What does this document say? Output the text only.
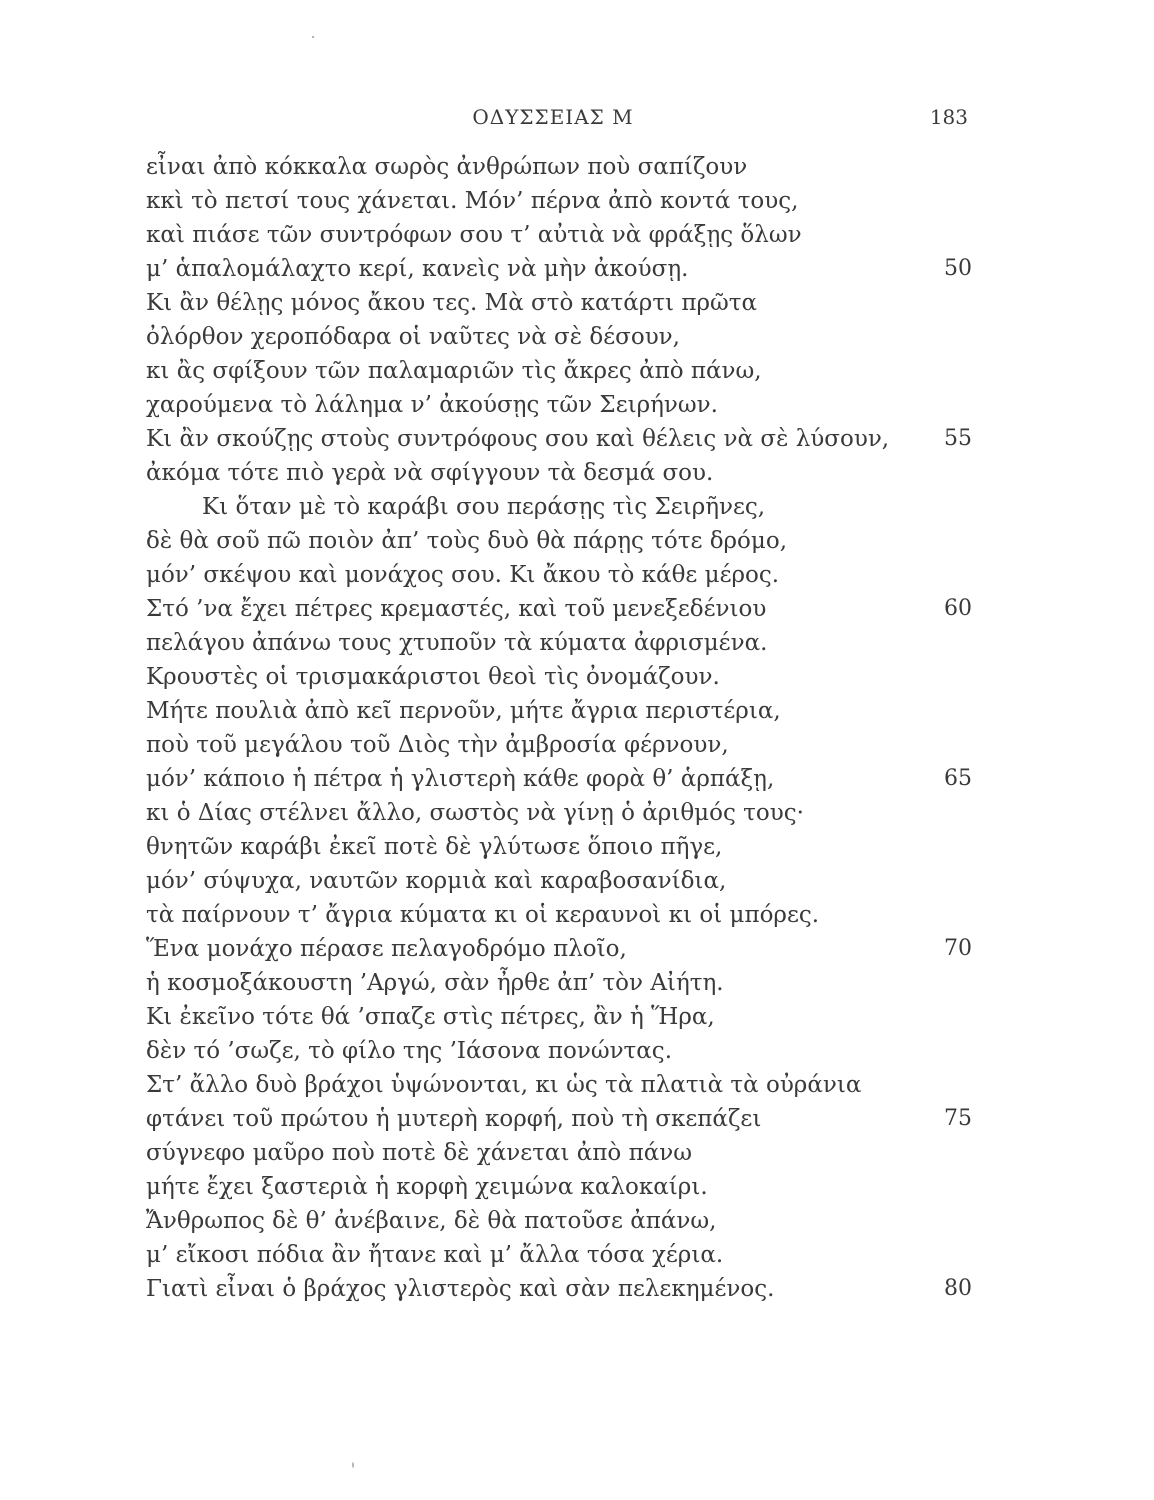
ΟΔΥΣΣΕΙΑΣ Μ	183
εἶναι ἀπὸ κόκκαλα σωρὸς ἀνθρώπων ποὺ σαπίζουν
κκὶ τὸ πετσί τους χάνεται. Μόν’ πέρνα ἀπὸ κοντά τους,
καὶ πιάσε τῶν συντρόφων σου τ’ αὐτιὰ νὰ φράξῃς ὅλων
μ’ ἁπαλομάλαχτο κερί, κανεὶς νὰ μὴν ἀκούσῃ.	50
Κι ἂν θέλῃς μόνος ἄκου τες. Μὰ στὸ κατάρτι πρῶτα
ὀλόρθον χεροπόδαρα οἱ ναῦτες νὰ σὲ δέσουν,
κι ἂς σφίξουν τῶν παλαμαριῶν τὶς ἄκρες ἀπὸ πάνω,
χαρούμενα τὸ λάλημα ν’ ἀκούσῃς τῶν Σειρήνων.
Κι ἂν σκούζῃς στοὺς συντρόφους σου καὶ θέλεις νὰ σὲ λύσουν, 55
ἀκόμα τότε πιὸ γερὰ νὰ σφίγγουν τὰ δεσμά σου.
Κι ὅταν μὲ τὸ καράβι σου περάσῃς τὶς Σειρῆνες,
δὲ θὰ σοῦ πῶ ποιὸν ἀπ’ τοὺς δυὸ θὰ πάρῃς τότε δρόμο,
μόν’ σκέψου καὶ μονάχος σου. Κι ἄκου τὸ κάθε μέρος.
Στό ’να ἔχει πέτρες κρεμαστές, καὶ τοῦ μενεξεδένιου	60
πελάγου ἀπάνω τους χτυποῦν τὰ κύματα ἀφρισμένα.
Κρουστὲς οἱ τρισμακάριστοι θεοὶ τὶς ὀνομάζουν.
Μήτε πουλιὰ ἀπὸ κεῖ περνοῦν, μήτε ἄγρια περιστέρια,
ποὺ τοῦ μεγάλου τοῦ Διὸς τὴν ἀμβροσία φέρνουν,
μόν’ κάποιο ἡ πέτρα ἡ γλιστερὴ κάθε φορὰ θ’ ἁρπάξῃ,	65
κι ὁ Δίας στέλνει ἄλλο, σωστὸς νὰ γίνῃ ὁ ἀριθμός τους·
θνητῶν καράβι ἐκεῖ ποτὲ δὲ γλύτωσε ὅποιο πῆγε,
μόν’ σύψυχα, ναυτῶν κορμιὰ καὶ καραβοσανίδια,
τὰ παίρνουν τ’ ἄγρια κύματα κι οἱ κεραυνοὶ κι οἱ μπόρες.
Ἕνα μονάχο πέρασε πελαγοδρόμο πλοῖο,	70
ἡ κοσμοξάκουστη ’Αργώ, σὰν ἦρθε ἀπ’ τὸν Αἰήτη.
Κι ἐκεῖνο τότε θά ’σπαζε στὶς πέτρες, ἂν ἡ Ἥρα,
δὲν τό ’σωζε, τὸ φίλο της ’Ιάσονα πονώντας.
Στ’ ἄλλο δυὸ βράχοι ὑψώνονται, κι ὡς τὰ πλατιὰ τὰ οὐράνια
φτάνει τοῦ πρώτου ἡ μυτερὴ κορφή, ποὺ τὴ σκεπάζει	75
σύγνεφο μαῦρο ποὺ ποτὲ δὲ χάνεται ἀπὸ πάνω
μήτε ἔχει ξαστεριὰ ἡ κορφὴ χειμώνα καλοκαίρι.
Ἄνθρωπος δὲ θ’ ἀνέβαινε, δὲ θὰ πατοῦσε ἀπάνω,
μ’ εἴκοσι πόδια ἂν ἤτανε καὶ μ’ ἄλλα τόσα χέρια.
Γιατὶ εἶναι ὁ βράχος γλιστερὸς καὶ σὰν πελεκημένος.	80
